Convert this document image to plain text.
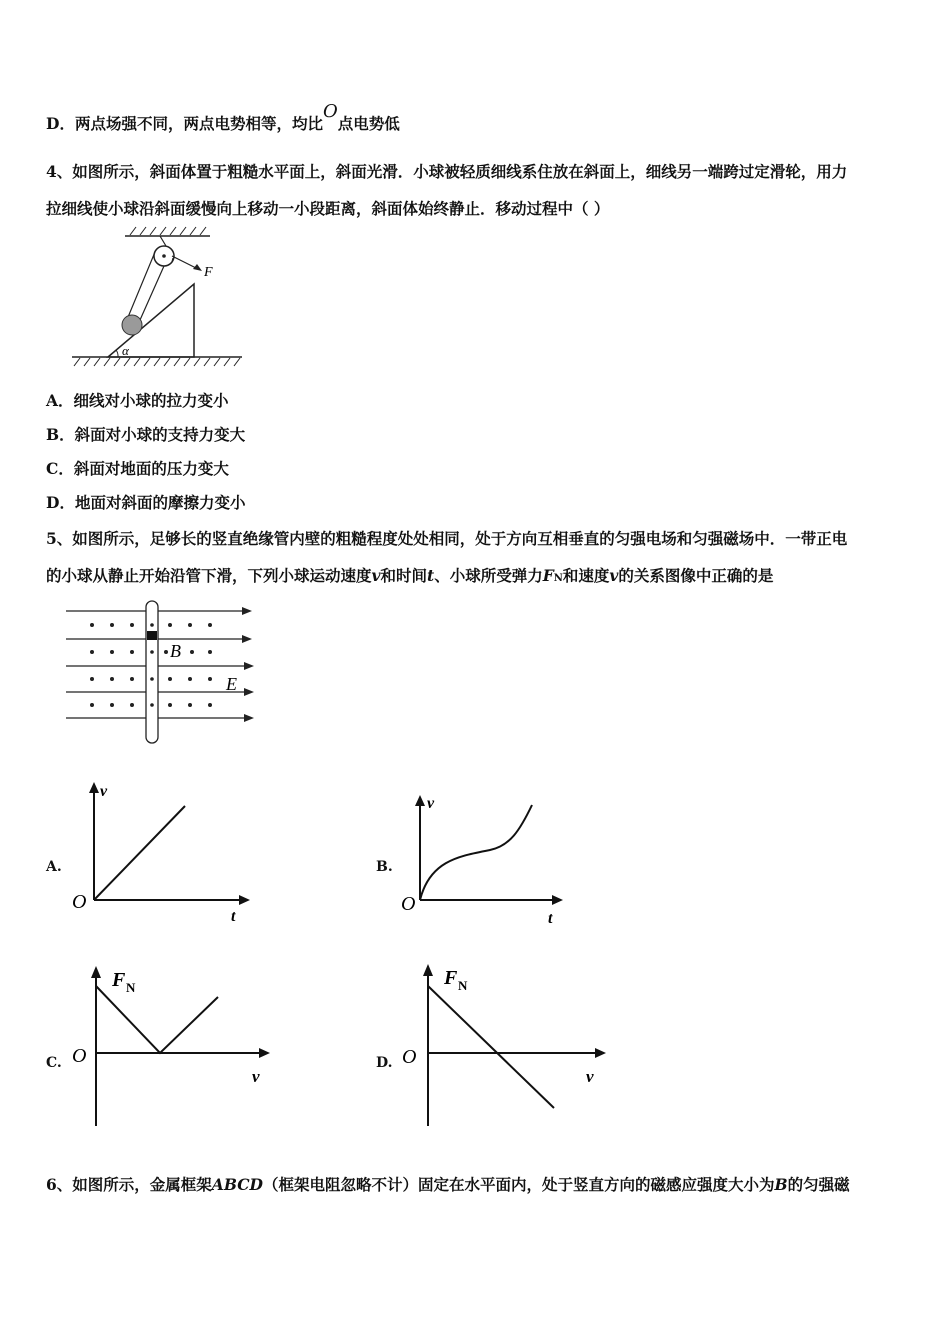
D．两点场强不同，两点电势相等，均比O点电势低
4、如图所示，斜面体置于粗糙水平面上，斜面光滑．小球被轻质细线系住放在斜面上，细线另一端跨过定滑轮，用力
拉细线使小球沿斜面缓慢向上移动一小段距离，斜面体始终静止．移动过程中（ ）
F
α
A．细线对小球的拉力变小
B．斜面对小球的支持力变大
C．斜面对地面的压力变大
D．地面对斜面的摩擦力变小
5、如图所示，足够长的竖直绝缘管内壁的粗糙程度处处相同，处于方向互相垂直的匀强电场和匀强磁场中．一带正电
的小球从静止开始沿管下滑，下列小球运动速度v和时间t、小球所受弹力FN和速度v的关系图像中正确的是
B
E
A.
v
O
t
B.
v
O
t
C.
F N
O
v
D.
F N
O
v
6、如图所示，金属框架ABCD（框架电阻忽略不计）固定在水平面内，处于竖直方向的磁感应强度大小为B的匀强磁
